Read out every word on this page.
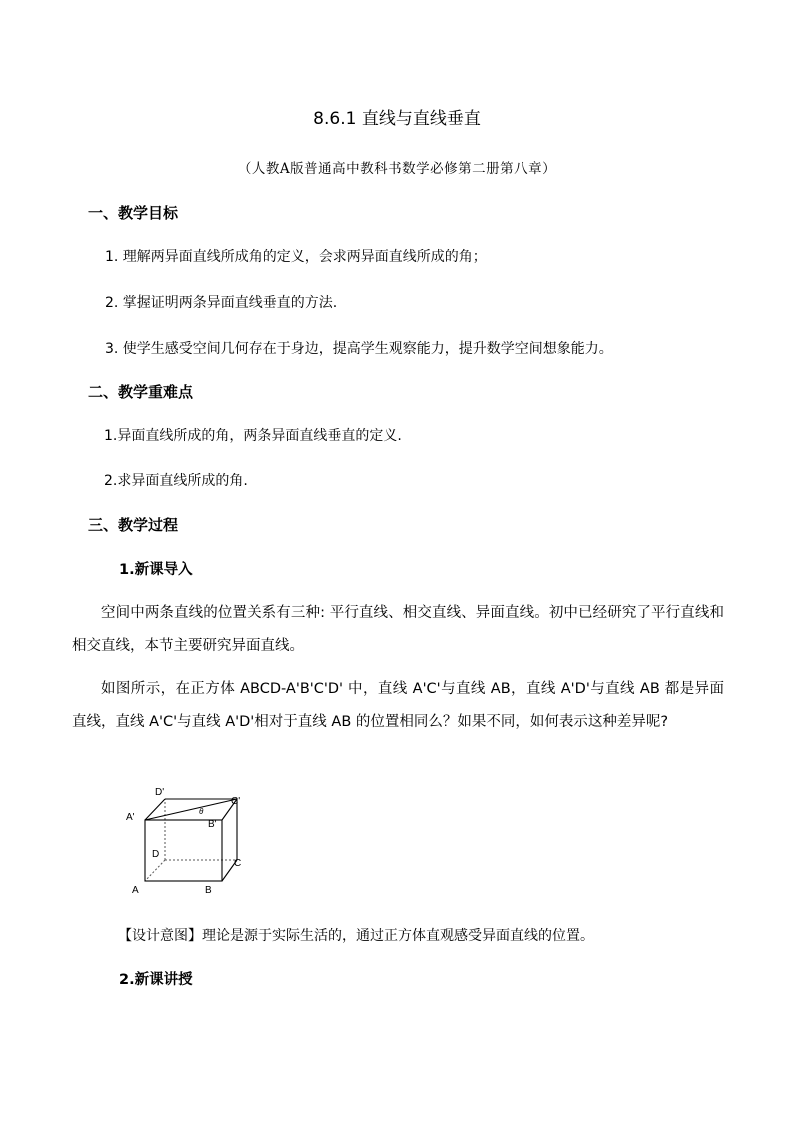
8.6.1 直线与直线垂直
（人教A版普通高中教科书数学必修第二册第八章）
一、教学目标
1. 理解两异面直线所成角的定义，会求两异面直线所成的角；
2. 掌握证明两条异面直线垂直的方法.
3. 使学生感受空间几何存在于身边，提高学生观察能力，提升数学空间想象能力。
二、教学重难点
1.异面直线所成的角，两条异面直线垂直的定义.
2.求异面直线所成的角.
三、教学过程
1.新课导入
空间中两条直线的位置关系有三种: 平行直线、相交直线、异面直线。初中已经研究了平行直线和相交直线，本节主要研究异面直线。
如图所示，在正方体 ABCD-A'B'C'D' 中，直线 A'C'与直线 AB，直线 A'D'与直线 AB 都是异面直线，直线 A'C'与直线 A'D'相对于直线 AB 的位置相同么？如果不同，如何表示这种差异呢?
D'
C'
A'
B'
θ
D
C
A	B
【设计意图】理论是源于实际生活的，通过正方体直观感受异面直线的位置。
2.新课讲授
